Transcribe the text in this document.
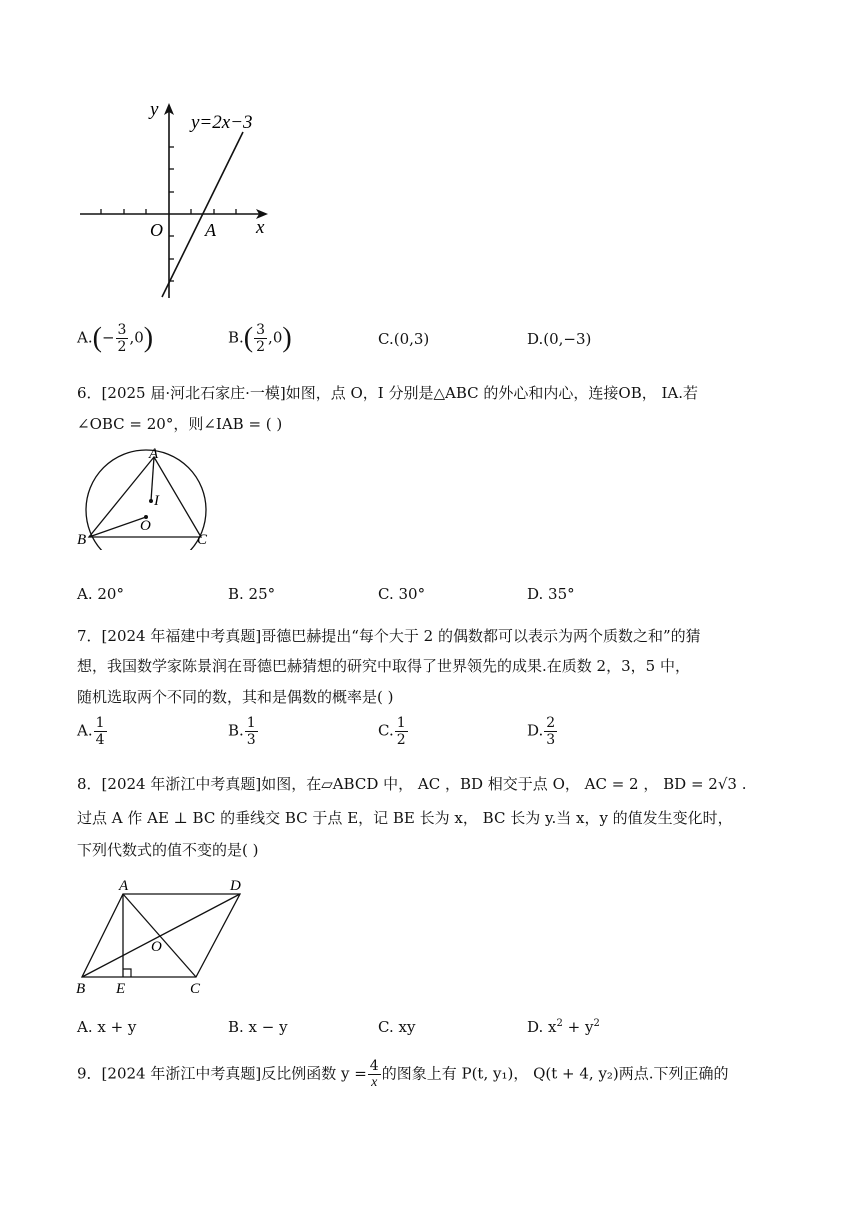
y=2x−3
y
x
O A
$A.(- \frac{3}{2} ,0)$	$B.( \frac{3}{2} ,0)$	C.(0,3)	D.(0,−3)
6．[2025 届·河北石家庄·一模]如图，点 O，I 分别是△ABC 的外心和内心，连接OB， IA.若
∠OBC = 20°，则∠IAB = ( )
A
I
O
B	C
A. 20°	B. 25°	C. 30°	D. 35°
7．[2024 年福建中考真题]哥德巴赫提出“每个大于 2 的偶数都可以表示为两个质数之和”的猜
想，我国数学家陈景润在哥德巴赫猜想的研究中取得了世界领先的成果.在质数 2，3，5 中，
随机选取两个不同的数，其和是偶数的概率是( )
A. $\frac{1}{4}$	B. $\frac{1}{3}$	C. $\frac{1}{2}$	D. $\frac{2}{3}$
8．[2024 年浙江中考真题]如图，在▱ABCD 中， AC ，BD 相交于点 O， AC = 2 ， BD = 2√3 .
过点 A 作 AE ⊥ BC 的垂线交 BC 于点 E，记 BE 长为 x， BC 长为 y.当 x，y 的值发生变化时，
下列代数式的值不变的是( )
A	D
O
B E	C
A. x + y	B. x − y	C. xy	D. $x^2 + y^2$
9．[2024 年浙江中考真题]反比例函数 $y = \frac{4}{x}$ 的图象上有 P(t, y₁)， Q(t + 4, y₂)两点.下列正确的
